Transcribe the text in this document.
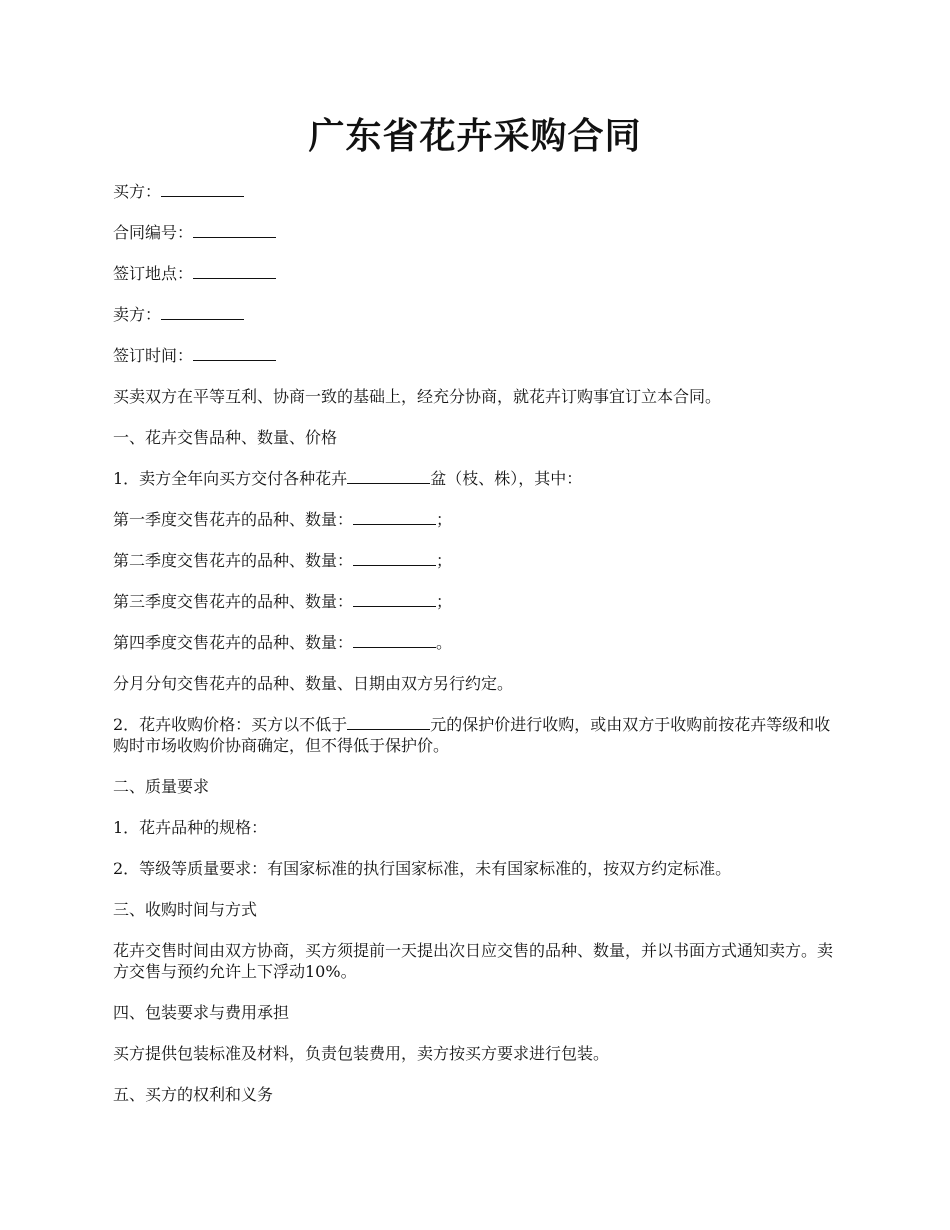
广东省花卉采购合同
买方：
合同编号：
签订地点：
卖方：
签订时间：
买卖双方在平等互利、协商一致的基础上，经充分协商，就花卉订购事宜订立本合同。
一、花卉交售品种、数量、价格
1．卖方全年向买方交付各种花卉	盆（枝、株），其中：
第一季度交售花卉的品种、数量：	；
第二季度交售花卉的品种、数量：	；
第三季度交售花卉的品种、数量：	；
第四季度交售花卉的品种、数量：	。
分月分旬交售花卉的品种、数量、日期由双方另行约定。
2．花卉收购价格：买方以不低于	元的保护价进行收购，或由双方于收购前按花卉等级和收购时市场收购价协商确定，但不得低于保护价。
二、质量要求
1．花卉品种的规格：
2．等级等质量要求：有国家标准的执行国家标准，未有国家标准的，按双方约定标准。
三、收购时间与方式
花卉交售时间由双方协商，买方须提前一天提出次日应交售的品种、数量，并以书面方式通知卖方。卖方交售与预约允许上下浮动10%。
四、包装要求与费用承担
买方提供包装标准及材料，负责包装费用，卖方按买方要求进行包装。
五、买方的权利和义务
